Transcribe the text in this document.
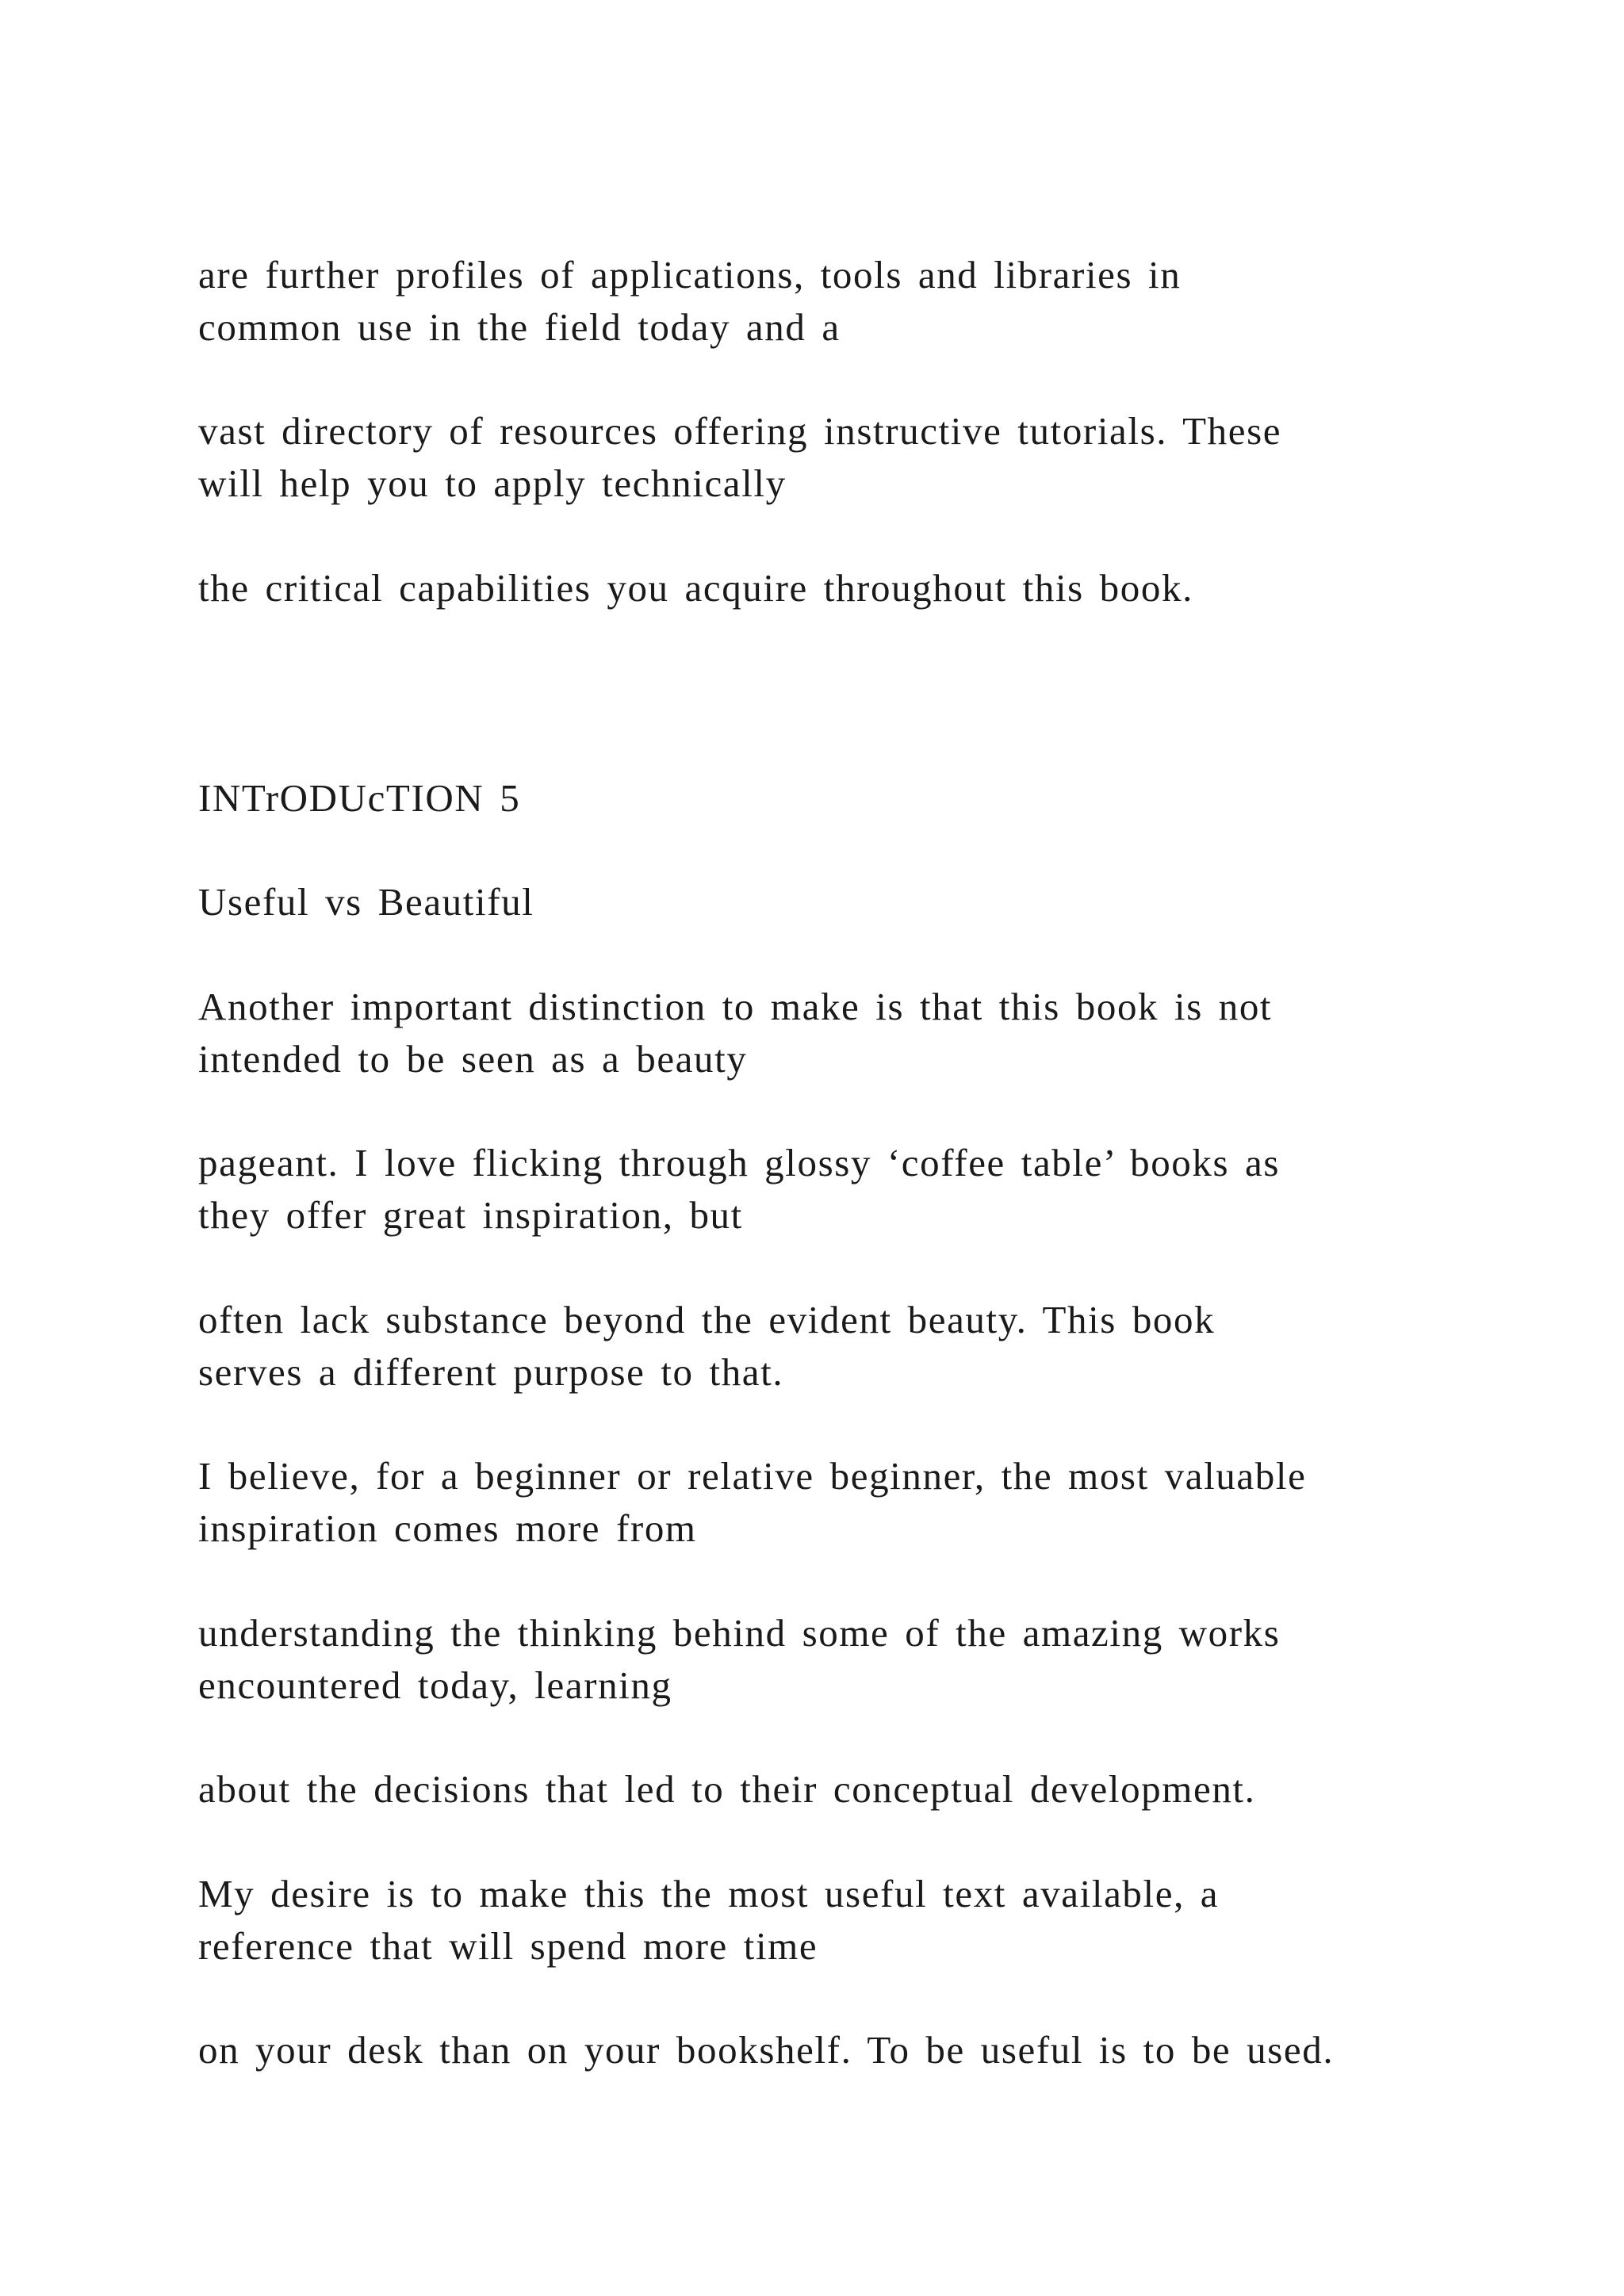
are further profiles of applications, tools and libraries in

common use in the field today and a

vast directory of resources offering instructive tutorials. These

will help you to apply technically

the critical capabilities you acquire throughout this book.

INTrODUcTION 5

Useful vs Beautiful

Another important distinction to make is that this book is not

intended to be seen as a beauty

pageant. I love flicking through glossy ‘coffee table’ books as

they offer great inspiration, but

often lack substance beyond the evident beauty. This book

serves a different purpose to that.

I believe, for a beginner or relative beginner, the most valuable

inspiration comes more from

understanding the thinking behind some of the amazing works

encountered today, learning

about the decisions that led to their conceptual development.

My desire is to make this the most useful text available, a

reference that will spend more time

on your desk than on your bookshelf. To be useful is to be used.
